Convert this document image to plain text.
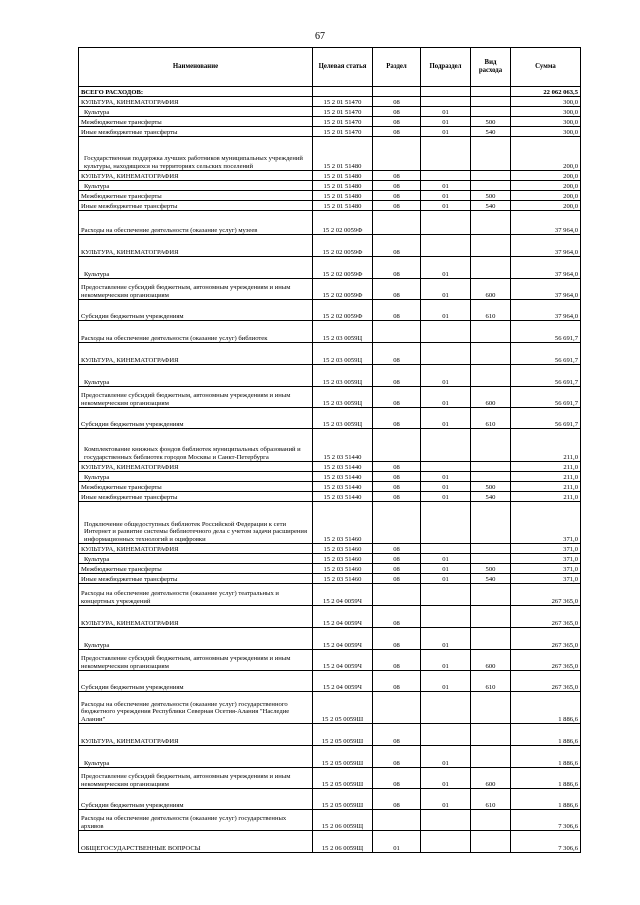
67
Наименование	Целевая статья	Раздел	Подраздел	Вид расхода	Сумма
ВСЕГО РАСХОДОВ:					22 062 063,5
КУЛЬТУРА, КИНЕМАТОГРАФИЯ	15 2 01 51470	08			300,0
Культура	15 2 01 51470	08	01		300,0
Межбюджетные трансферты	15 2 01 51470	08	01	500	300,0
Иные межбюджетные трансферты	15 2 01 51470	08	01	540	300,0
Государственная поддержка лучших работников муниципальных учреждений культуры, находящихся на территориях сельских поселений	15 2 01 51480				200,0
КУЛЬТУРА, КИНЕМАТОГРАФИЯ	15 2 01 51480	08			200,0
Культура	15 2 01 51480	08	01		200,0
Межбюджетные трансферты	15 2 01 51480	08	01	500	200,0
Иные межбюджетные трансферты	15 2 01 51480	08	01	540	200,0
Расходы на обеспечение деятельности (оказание услуг) музеев	15 2 02 0059Ф				37 964,0
КУЛЬТУРА, КИНЕМАТОГРАФИЯ	15 2 02 0059Ф	08			37 964,0
Культура	15 2 02 0059Ф	08	01		37 964,0
Предоставление субсидий бюджетным, автономным учреждениям и иным некоммерческим организациям	15 2 02 0059Ф	08	01	600	37 964,0
Субсидии бюджетным учреждениям	15 2 02 0059Ф	08	01	610	37 964,0
Расходы на обеспечение деятельности (оказание услуг) библиотек	15 2 03 0059Ц				56 691,7
КУЛЬТУРА, КИНЕМАТОГРАФИЯ	15 2 03 0059Ц	08			56 691,7
Культура	15 2 03 0059Ц	08	01		56 691,7
Предоставление субсидий бюджетным, автономным учреждениям и иным некоммерческим организациям	15 2 03 0059Ц	08	01	600	56 691,7
Субсидии бюджетным учреждениям	15 2 03 0059Ц	08	01	610	56 691,7
Комплектование книжных фондов библиотек муниципальных образований и государственных библиотек городов Москвы и Санкт-Петербурга	15 2 03 51440				211,0
КУЛЬТУРА, КИНЕМАТОГРАФИЯ	15 2 03 51440	08			211,0
Культура	15 2 03 51440	08	01		211,0
Межбюджетные трансферты	15 2 03 51440	08	01	500	211,0
Иные межбюджетные трансферты	15 2 03 51440	08	01	540	211,0
Подключение общедоступных библиотек Российской Федерации к сети Интернет и развитие системы библиотечного дела с учетом задачи расширения информационных технологий и оцифровки	15 2 03 51460				371,0
КУЛЬТУРА, КИНЕМАТОГРАФИЯ	15 2 03 51460	08			371,0
Культура	15 2 03 51460	08	01		371,0
Межбюджетные трансферты	15 2 03 51460	08	01	500	371,0
Иные межбюджетные трансферты	15 2 03 51460	08	01	540	371,0
Расходы на обеспечение деятельности (оказание услуг) театральных и концертных учреждений	15 2 04 0059Ч				267 365,0
КУЛЬТУРА, КИНЕМАТОГРАФИЯ	15 2 04 0059Ч	08			267 365,0
Культура	15 2 04 0059Ч	08	01		267 365,0
Предоставление субсидий бюджетным, автономным учреждениям и иным некоммерческим организациям	15 2 04 0059Ч	08	01	600	267 365,0
Субсидии бюджетным учреждениям	15 2 04 0059Ч	08	01	610	267 365,0
Расходы на обеспечение деятельности (оказание услуг) государственного бюджетного учреждения Республики Северная Осетия-Алания "Наследие Алании"	15 2 05 0059Ш				1 886,6
КУЛЬТУРА, КИНЕМАТОГРАФИЯ	15 2 05 0059Ш	08			1 886,6
Культура	15 2 05 0059Ш	08	01		1 886,6
Предоставление субсидий бюджетным, автономным учреждениям и иным некоммерческим организациям	15 2 05 0059Ш	08	01	600	1 886,6
Субсидии бюджетным учреждениям	15 2 05 0059Ш	08	01	610	1 886,6
Расходы на обеспечение деятельности (оказание услуг) государственных архивов	15 2 06 0059Щ				7 306,6
ОБЩЕГОСУДАРСТВЕННЫЕ ВОПРОСЫ	15 2 06 0059Щ	01			7 306,6
